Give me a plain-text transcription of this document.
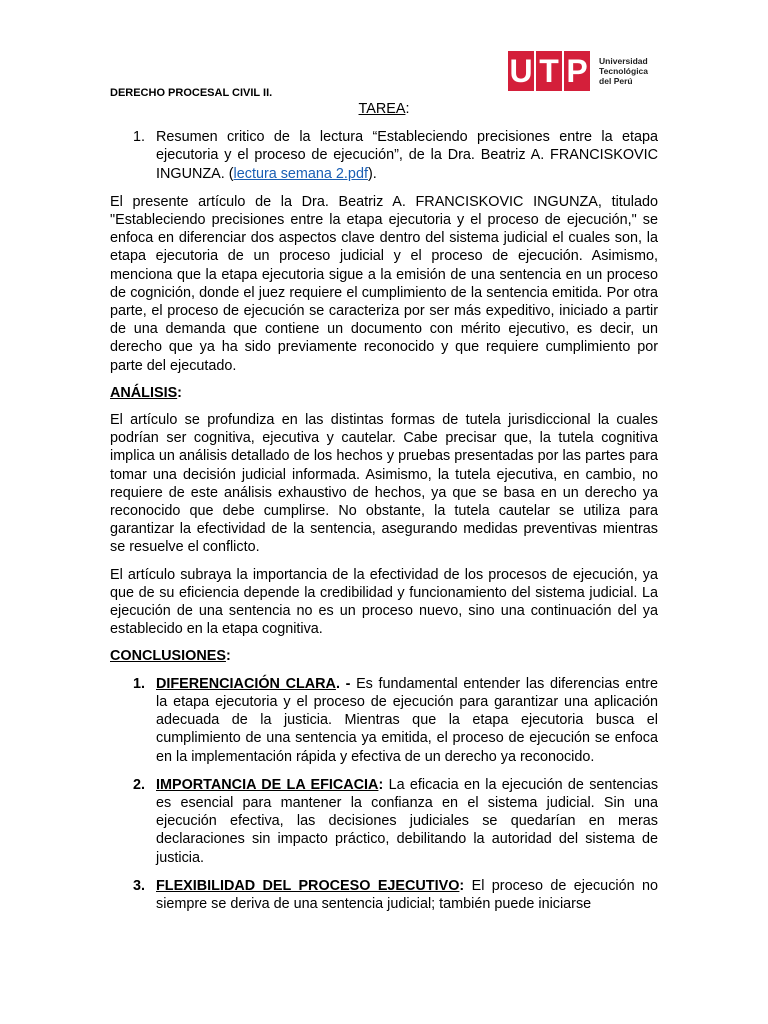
U T P Universidad
Tecnológica
del Perú
DERECHO PROCESAL CIVIL II.
TAREA:
1. Resumen critico de la lectura “Estableciendo precisiones entre la etapa ejecutoria y el proceso de ejecución”, de la Dra. Beatriz A. FRANCISKOVIC INGUNZA. (lectura semana 2.pdf).

El presente artículo de la Dra. Beatriz A. FRANCISKOVIC INGUNZA, titulado "Estableciendo precisiones entre la etapa ejecutoria y el proceso de ejecución," se enfoca en diferenciar dos aspectos clave dentro del sistema judicial el cuales son, la etapa ejecutoria de un proceso judicial y el proceso de ejecución. Asimismo, menciona que la etapa ejecutoria sigue a la emisión de una sentencia en un proceso de cognición, donde el juez requiere el cumplimiento de la sentencia emitida. Por otra parte, el proceso de ejecución se caracteriza por ser más expeditivo, iniciado a partir de una demanda que contiene un documento con mérito ejecutivo, es decir, un derecho que ya ha sido previamente reconocido y que requiere cumplimiento por parte del ejecutado.

ANÁLISIS:

El artículo se profundiza en las distintas formas de tutela jurisdiccional la cuales podrían ser cognitiva, ejecutiva y cautelar. Cabe precisar que, la tutela cognitiva implica un análisis detallado de los hechos y pruebas presentadas por las partes para tomar una decisión judicial informada. Asimismo, la tutela ejecutiva, en cambio, no requiere de este análisis exhaustivo de hechos, ya que se basa en un derecho ya reconocido que debe cumplirse. No obstante, la tutela cautelar se utiliza para garantizar la efectividad de la sentencia, asegurando medidas preventivas mientras se resuelve el conflicto.

El artículo subraya la importancia de la efectividad de los procesos de ejecución, ya que de su eficiencia depende la credibilidad y funcionamiento del sistema judicial. La ejecución de una sentencia no es un proceso nuevo, sino una continuación del ya establecido en la etapa cognitiva.

CONCLUSIONES:
1. DIFERENCIACIÓN CLARA. - Es fundamental entender las diferencias entre la etapa ejecutoria y el proceso de ejecución para garantizar una aplicación adecuada de la justicia. Mientras que la etapa ejecutoria busca el cumplimiento de una sentencia ya emitida, el proceso de ejecución se enfoca en la implementación rápida y efectiva de un derecho ya reconocido.
2. IMPORTANCIA DE LA EFICACIA: La eficacia en la ejecución de sentencias es esencial para mantener la confianza en el sistema judicial. Sin una ejecución efectiva, las decisiones judiciales se quedarían en meras declaraciones sin impacto práctico, debilitando la autoridad del sistema de justicia.
3. FLEXIBILIDAD DEL PROCESO EJECUTIVO: El proceso de ejecución no siempre se deriva de una sentencia judicial; también puede iniciarse
